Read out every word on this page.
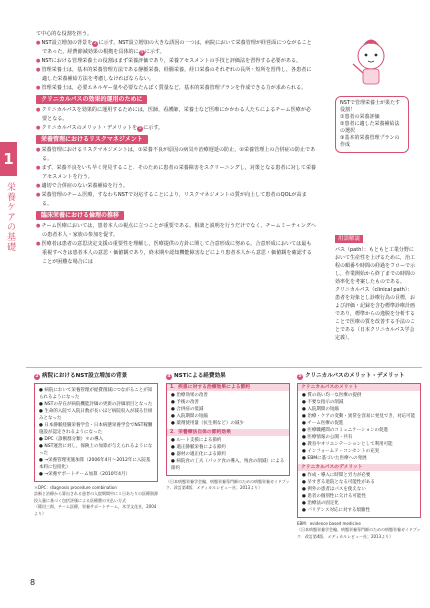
1
栄養ケアの基礎

て中心的な役割を担う。

● NST設立増加の背景を 2 に示す。NST設立増加の大きな誘因の一つは，病院において栄養管理が経営面につながることであった。経費節減効果の根拠を具体的に 4 に示す。

● NSTにおける管理栄養士の役割はまず栄養評価であり，栄養アセスメントの手技と評価法を習得する必要がある。

● 管理栄養士は，基本的栄養管理方法である静脈栄養，経腸栄養，経口栄養のそれぞれの長所・短所を習得し，各患者に適した栄養補給方法を考慮しなければならない。

● 管理栄養士は，必要エネルギー量や必要なたんぱく質量など，基本的栄養管理プランを作成できる力が求められる。

クリニカルパスの効果的運用のために

● クリニカルパスを効果的に運用するためには，医師，看護師，栄養士など医療にかかわる人たちによるチーム医療が必要となる。

● クリニカルパスのメリット・デメリットを 5 に示す。

栄養管理におけるリスクマネジメント

● 栄養管理におけるリスクマネジメントは，①栄養不良が原因の病気や治療遅延の防止，②栄養管理上の合併症の防止である。

● まず，栄養不良をいち早く発見すること．そのために患者の栄養障害をスクリーニングし，対策となる患者に対して栄養アセスメントを行う。

● 適切で合併症のない栄養補給を行う。

● 栄養管理のチーム医療，すなわちNSTで対応することにより，リスクマネジメントの質が向上して患者のQOLが高まる。

臨床栄養における倫理の推移

● チーム医療においては，患者本人の視点に立つことが重要である。相談と説明を行うだけでなく，チームミーティングへの患者本人・家族の参加を促す。

● 医療者は患者の意思決定支援の重要性を理解し，医療提供の方針に関して合意形成に努める。合意形成においては最も重視すべきは患者本人の意思・価値観であり，終末期や認知機能障害などにより患者本人から意思・価値観を確認することが困難な場合には

NSTで管理栄養士が果たす役割！
①患者の栄養評価
②患者に適した栄養補給法の選択
③基本的栄養管理プランの作成
用語解説

パス（path）：もともと工業分野において生産性を上げるために，治工程の順番や時間の経過をフローで示し，作業開始から終了までの時間の効率化を考案したものである。

クリニカルパス（clinical path）：患者を対象とし診療行為の目標，および評価・記録を含む標準診療計画であり，標準からの逸脱を分析することで医療の質を改善する手法のことである（日本クリニカルパス学会定義）。

2 病院におけるNST設立増加の背景

● 病院において栄養管理が経費削減につながることが知られるようになった

● NSTの存在が病院機能評価の更新の評価項目となった

● 生命的入院で入院日数が長いほど病院収入が減る仕組みとなった

● 日本静脈経腸栄養学会・日本病態栄養学会でNST稼働施設が認定されるようになった

● DPC（診断群分類）＊の導入

● NST運営に対し，保険上の加算が与えられるようになった

● →栄養管理実施加算（2006年4月〜2012年に入院基本料に包括化）

● →栄養サポートチーム加算（2010年4月）

＊DPC：diagnosis procedure combination

診断と治療から算出される患者の入院期間中に１日あたりの医療資源投入量に基づく包括評価による医療費の支払い方式

（篠田三郎，チーム医療，栄養サポートチーム，木学文化社，2004より）

4 NSTによる経費効果
1．疾患に対する治療効果による節約

● 治療効果の改善

● 予後の改善

● 合併症の低減

● 入院期間の短縮

● 薬剤使用量（抗生剤など）の減少

2．栄養療法自体の節約効果

● ルート支援による節約

● 適正静脈栄養による節約

● 器材の適正化による節約

● 病院食の工夫（パック食の導入，残食の削減）による節約

（日本病態栄養学会編，病態栄養専門師のための病態栄養ガイドブック．改訂第4版．メディカルレビュー社；2013より）

5 クリニカルパスのメリット・デメリット
クリニカルパスのメリット

● 質の高い均一な医療の提供

● 不要な指示の削減

● 入院期間の短縮

● 治療・ケアの変動・異常を容易に発見でき，対応可能

● チーム医療の促進

● 医療職種間のコミュニケーションの促進

● 医療情報の公開・共有

● 教育やオリエンテーションとして利用可能

● インフォームド・コンセントの充実

● EBMに基づいた医療への発展

クリニカルパスのデメリット

● 作成・導入に時間と労力が必要

● 早すぎる退院となる可能性がある

● 例外の患者はパスを使えない

● 患者の個別性に欠ける可能性

● 治療法の固定化

● バリアンス対応に対する煩雑性

EBM：evidence based medicine

（日本病態栄養学会編，病態栄養専門師のための病態栄養ガイドブック．改訂第4版．メディカルレビュー社；2013より）

8
